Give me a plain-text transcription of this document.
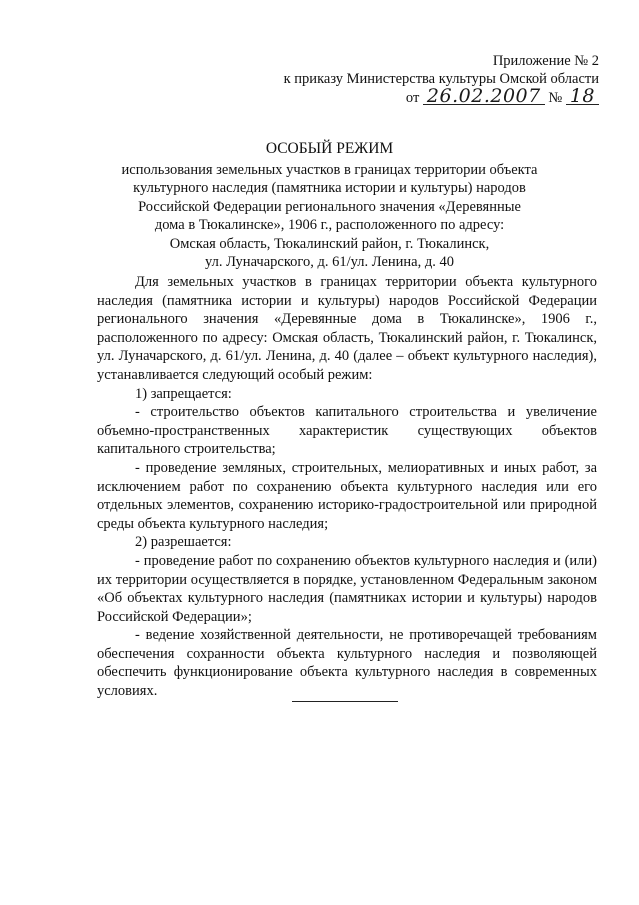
Приложение № 2
к приказу Министерства культуры Омской области
от 26.02.2007 № 18
ОСОБЫЙ РЕЖИМ
использования земельных участков в границах территории объекта
культурного наследия (памятника истории и культуры) народов
Российской Федерации регионального значения «Деревянные
дома в Тюкалинске», 1906 г., расположенного по адресу:
Омская область, Тюкалинский район, г. Тюкалинск,
ул. Луначарского, д. 61/ул. Ленина, д. 40

Для земельных участков в границах территории объекта культурного наследия (памятника истории и культуры) народов Российской Федерации регионального значения «Деревянные дома в Тюкалинске», 1906 г., расположенного по адресу: Омская область, Тюкалинский район, г. Тюкалинск, ул. Луначарского, д. 61/ул. Ленина, д. 40 (далее – объект культурного наследия), устанавливается следующий особый режим:

1) запрещается:

- строительство объектов капитального строительства и увеличение объемно-пространственных характеристик существующих объектов капитального строительства;

- проведение земляных, строительных, мелиоративных и иных работ, за исключением работ по сохранению объекта культурного наследия или его отдельных элементов, сохранению историко-градостроительной или природной среды объекта культурного наследия;

2) разрешается:

- проведение работ по сохранению объектов культурного наследия и (или) их территории осуществляется в порядке, установленном Федеральным законом «Об объектах культурного наследия (памятниках истории и культуры) народов Российской Федерации»;

- ведение хозяйственной деятельности, не противоречащей требованиям обеспечения сохранности объекта культурного наследия и позволяющей обеспечить функционирование объекта культурного наследия в современных условиях.
